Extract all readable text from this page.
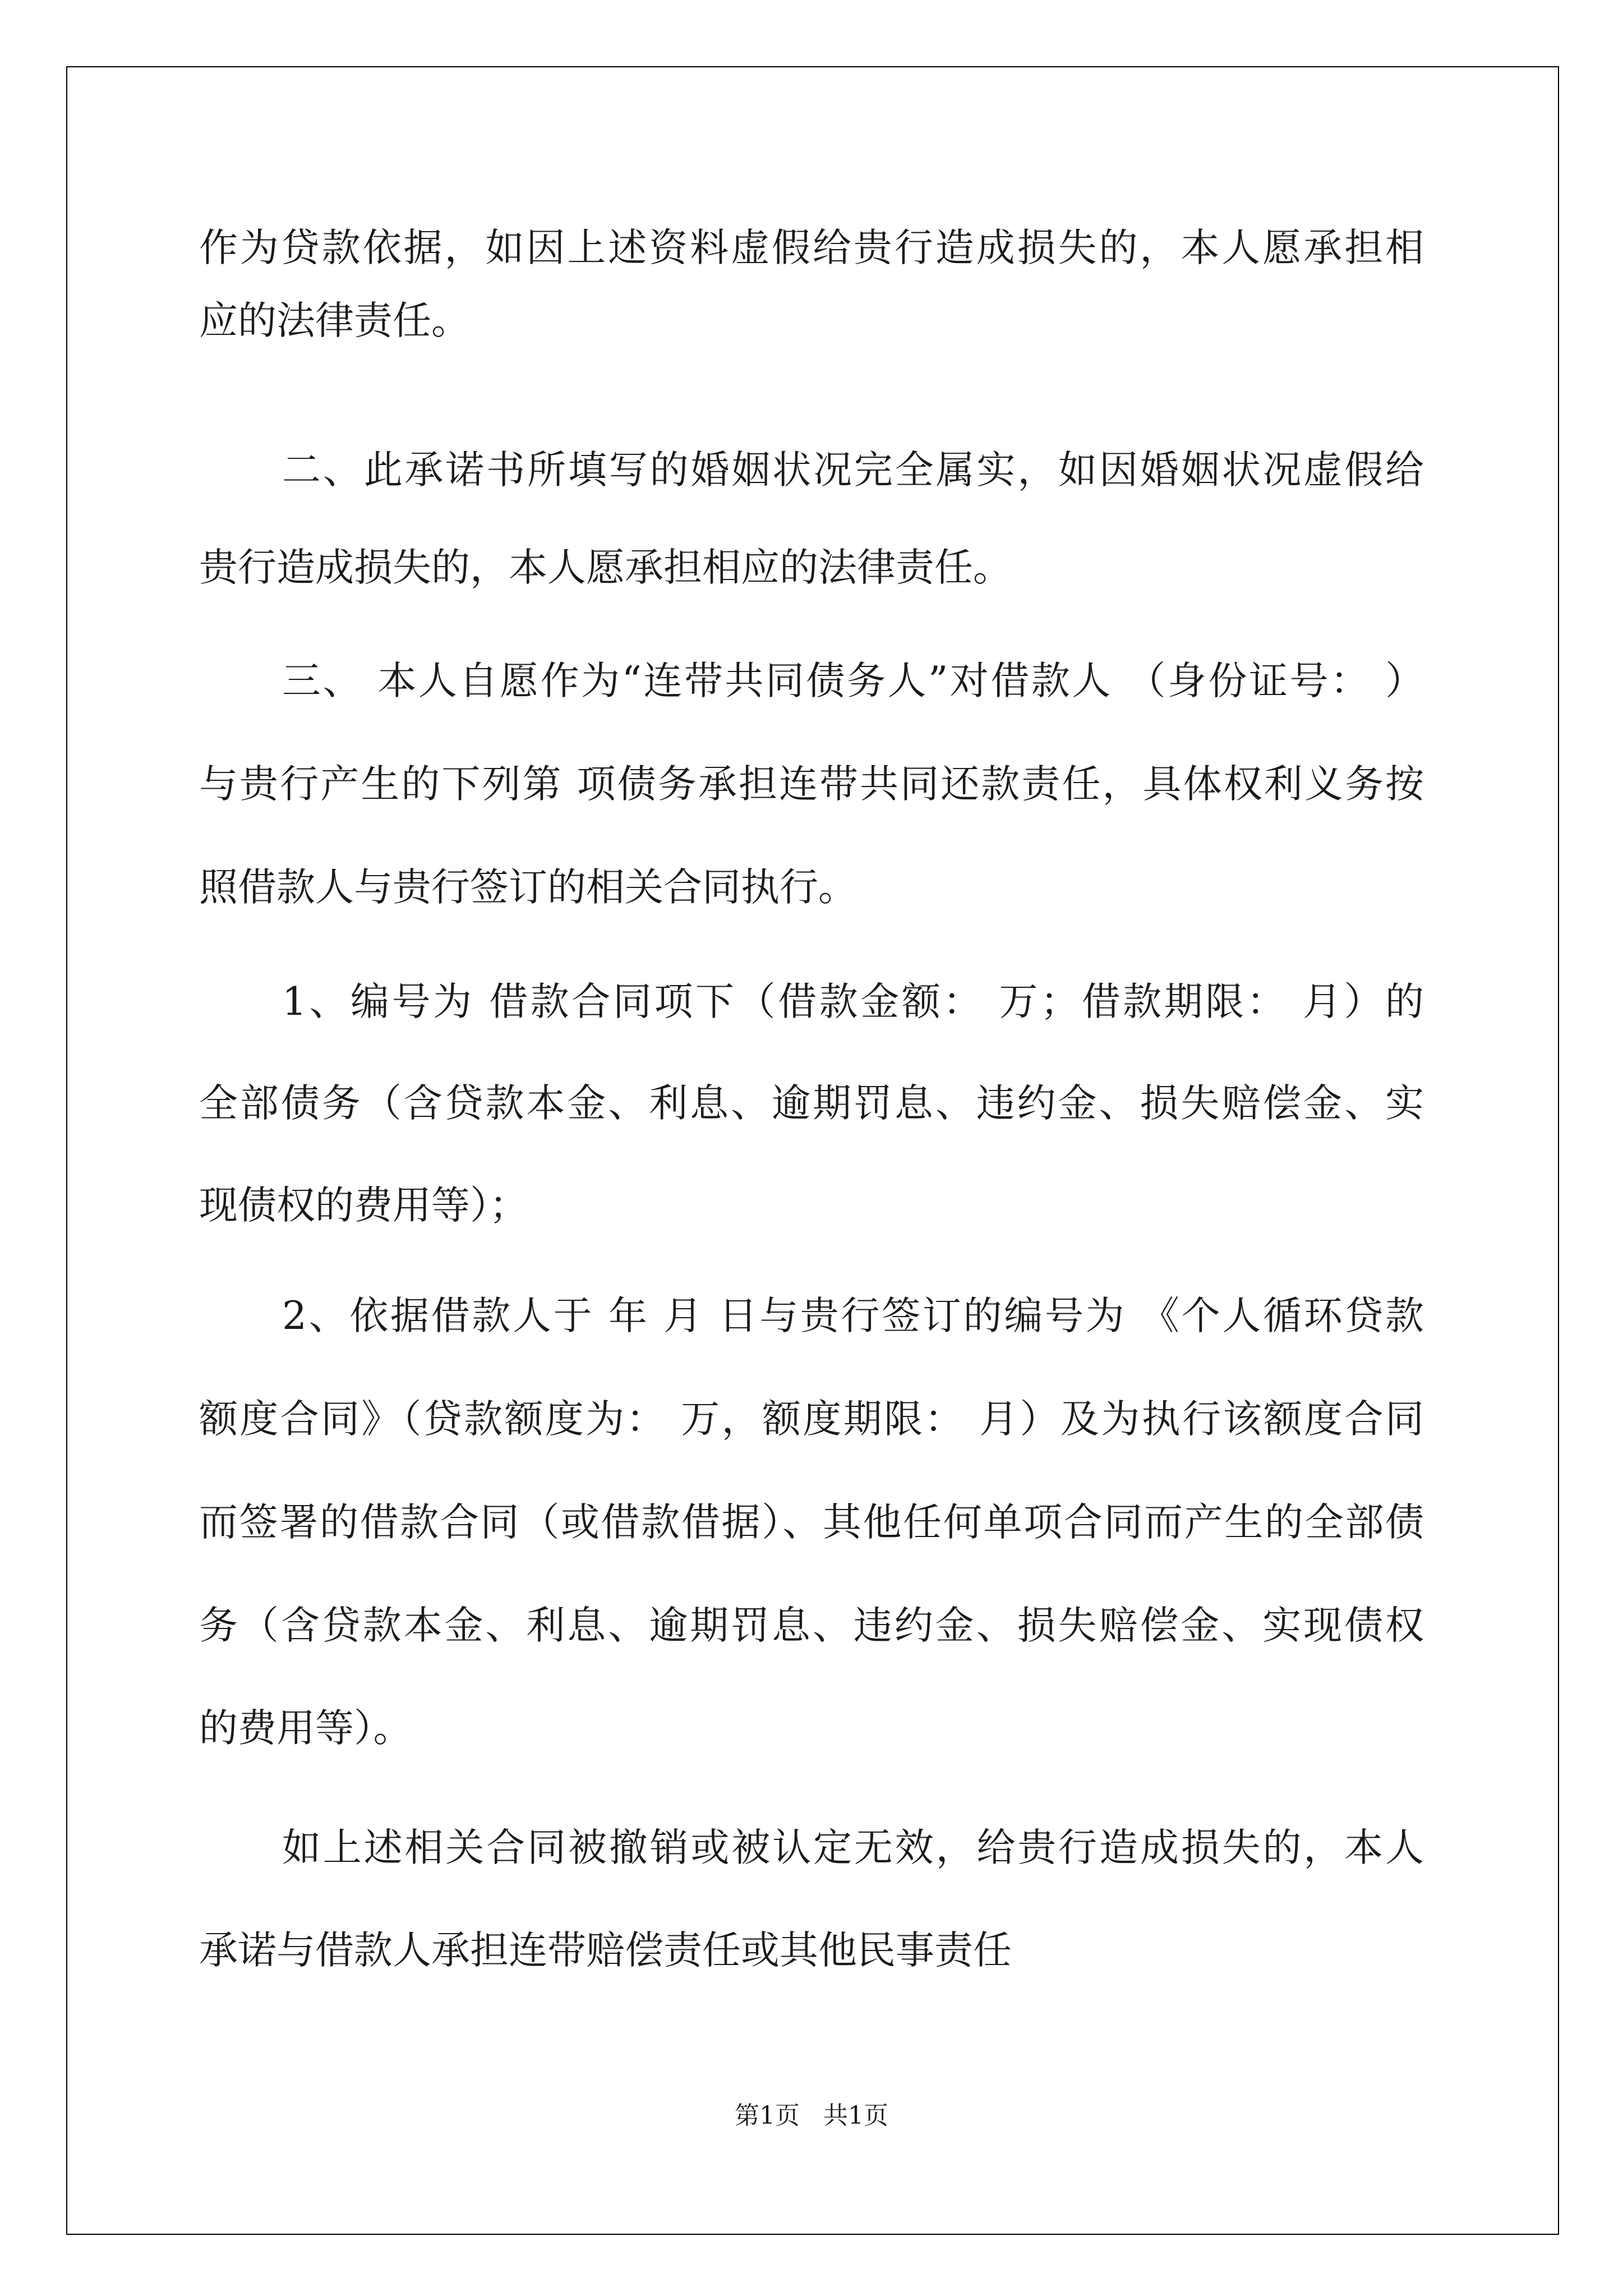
作为贷款依据，如因上述资料虚假给贵行造成损失的，本人愿承担相
应的法律责任。
二、此承诺书所填写的婚姻状况完全属实，如因婚姻状况虚假给
贵行造成损失的，本人愿承担相应的法律责任。
三、 本人自愿作为“连带共同债务人”对借款人 （身份证号： ）
与贵行产生的下列第 项债务承担连带共同还款责任，具体权利义务按
照借款人与贵行签订的相关合同执行。
1、编号为 借款合同项下（借款金额： 万；借款期限： 月）的
全部债务（含贷款本金、利息、逾期罚息、违约金、损失赔偿金、实
现债权的费用等）；
2、依据借款人于 年 月 日与贵行签订的编号为 《个人循环贷款
额度合同》（贷款额度为： 万，额度期限： 月）及为执行该额度合同
而签署的借款合同（或借款借据）、其他任何单项合同而产生的全部债
务（含贷款本金、利息、逾期罚息、违约金、损失赔偿金、实现债权
的费用等）。
如上述相关合同被撤销或被认定无效，给贵行造成损失的，本人
承诺与借款人承担连带赔偿责任或其他民事责任
第1页   共1页
